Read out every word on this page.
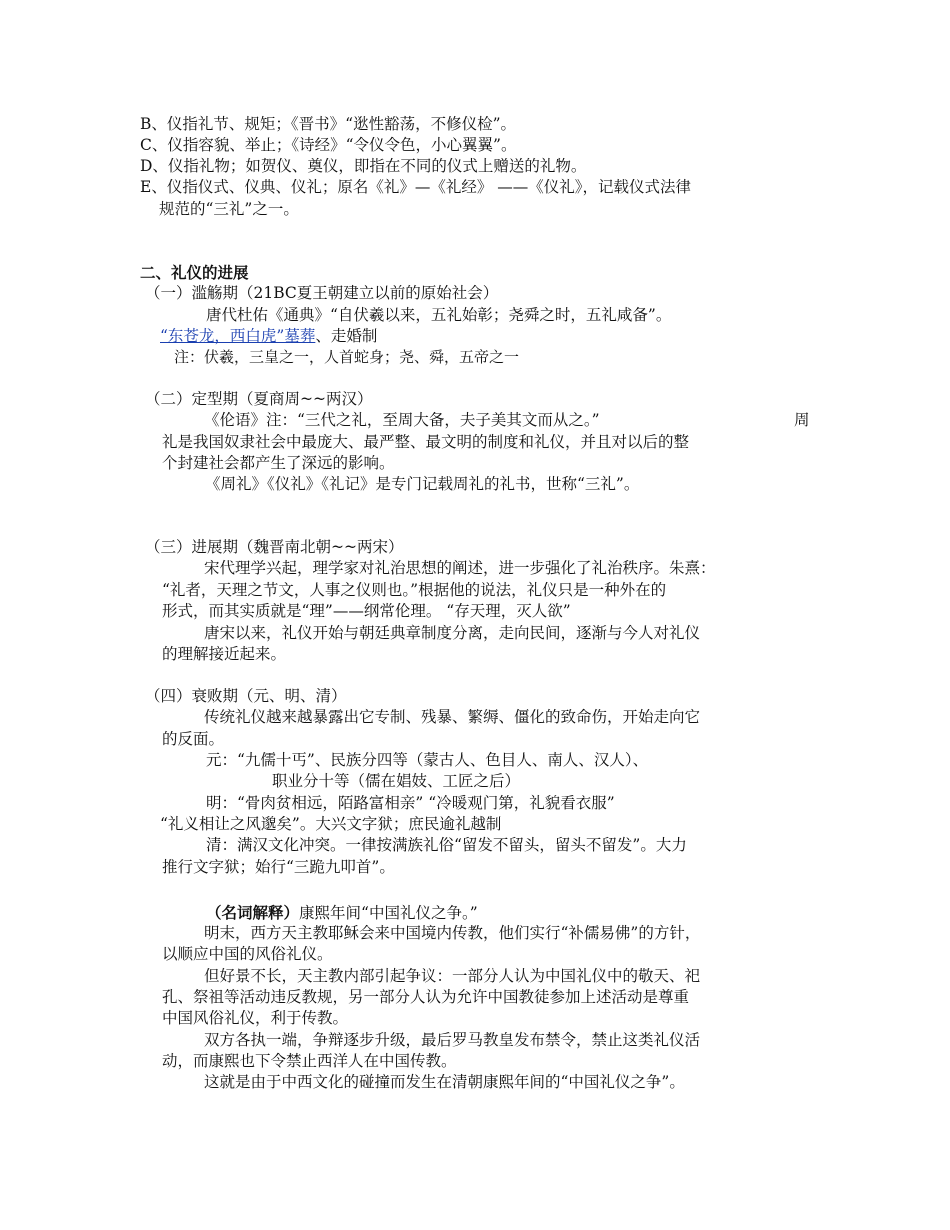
B、仪指礼节、规矩；《晋书》“逖性豁荡，不修仪检”。
C、仪指容貌、举止；《诗经》“令仪令色，小心翼翼”。
D、仪指礼物；如贺仪、奠仪，即指在不同的仪式上赠送的礼物。
E、仪指仪式、仪典、仪礼；原名《礼》—《礼经》 ——《仪礼》，记载仪式法律
规范的“三礼”之一。
二、礼仪的进展
（一）滥觞期（21BC夏王朝建立以前的原始社会）
唐代杜佑《通典》“自伏羲以来，五礼始彰；尧舜之时，五礼咸备”。
“东苍龙，西白虎”墓葬、走婚制
注：伏羲，三皇之一，人首蛇身；尧、舜，五帝之一
（二）定型期（夏商周~~两汉）
《伦语》注：“三代之礼，至周大备，夫子美其文而从之。”	周
礼是我国奴隶社会中最庞大、最严整、最文明的制度和礼仪，并且对以后的整
个封建社会都产生了深远的影响。
《周礼》《仪礼》《礼记》是专门记载周礼的礼书，世称“三礼”。
（三）进展期（魏晋南北朝~~两宋）
宋代理学兴起，理学家对礼治思想的阐述，进一步强化了礼治秩序。朱熹：
“礼者，天理之节文，人事之仪则也。”根据他的说法，礼仪只是一种外在的
形式，而其实质就是“理”——纲常伦理。 “存天理，灭人欲”
唐宋以来，礼仪开始与朝廷典章制度分离，走向民间，逐渐与今人对礼仪
的理解接近起来。
（四）衰败期（元、明、清）
传统礼仪越来越暴露出它专制、残暴、繁缛、僵化的致命伤，开始走向它
的反面。
元：“九儒十丐”、民族分四等（蒙古人、色目人、南人、汉人）、
职业分十等（儒在娼妓、工匠之后）
明：“骨肉贫相远，陌路富相亲” “冷暖观门第，礼貌看衣服”
“礼义相让之风邈矣”。大兴文字狱；庶民逾礼越制
清：满汉文化冲突。一律按满族礼俗“留发不留头，留头不留发”。大力
推行文字狱；始行“三跪九叩首”。
（名词解释）康熙年间“中国礼仪之争。”
明末，西方天主教耶稣会来中国境内传教，他们实行“补儒易佛”的方针，
以顺应中国的风俗礼仪。
但好景不长，天主教内部引起争议：一部分人认为中国礼仪中的敬天、祀
孔、祭祖等活动违反教规，另一部分人认为允许中国教徒参加上述活动是尊重
中国风俗礼仪，利于传教。
双方各执一端，争辩逐步升级，最后罗马教皇发布禁令，禁止这类礼仪活
动，而康熙也下令禁止西洋人在中国传教。
这就是由于中西文化的碰撞而发生在清朝康熙年间的“中国礼仪之争”。
